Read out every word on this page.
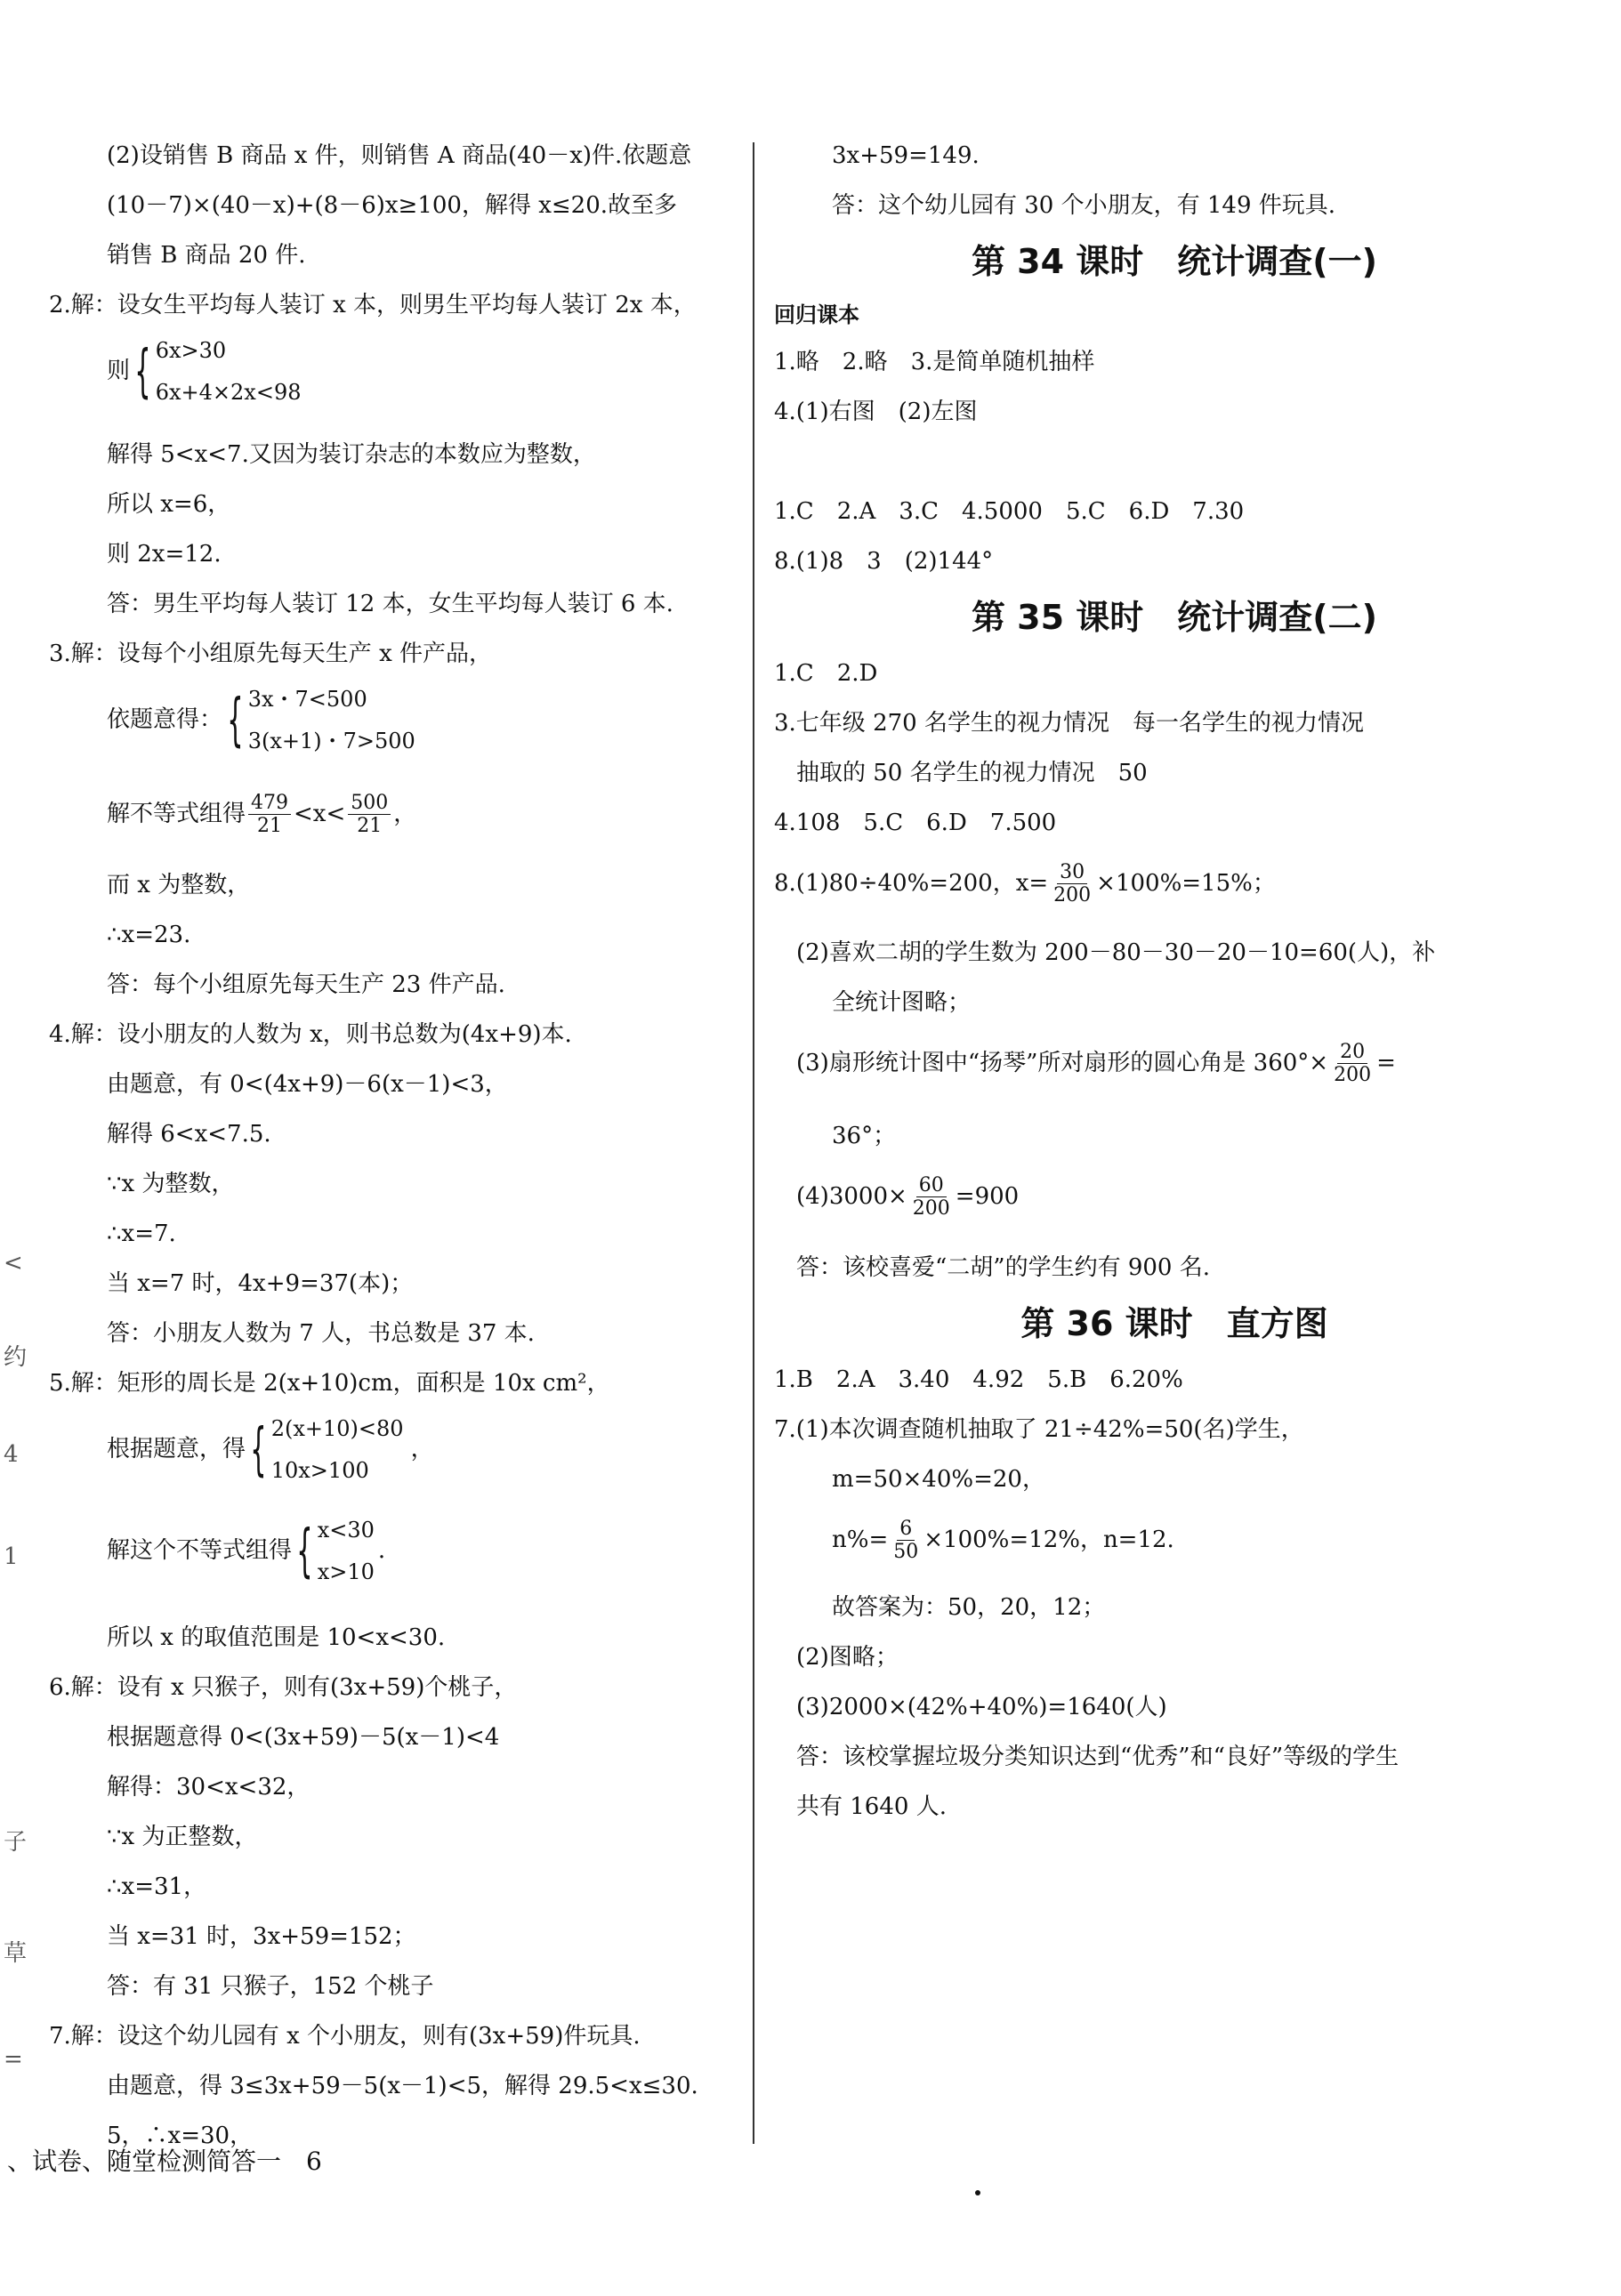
<
约
4
1
子
草
=
(2)设销售 B 商品 x 件，则销售 A 商品(40－x)件.依题意
(10－7)×(40－x)+(8－6)x≥100，解得 x≤20.故至多
销售 B 商品 20 件.
2.解：设女生平均每人装订 x 本，则男生平均每人装订 2x 本，
则 { 6x>30
6x+4×2x<98
解得 5<x<7.又因为装订杂志的本数应为整数，
所以 x=6，
则 2x=12.
答：男生平均每人装订 12 本，女生平均每人装订 6 本.
3.解：设每个小组原先每天生产 x 件产品，
依题意得： { 3x・7<500
3(x+1)・7>500
解不等式组得 $\frac{479}{21} <x< \frac{500}{21}$ ，
而 x 为整数，
∴x=23.
答：每个小组原先每天生产 23 件产品.
4.解：设小朋友的人数为 x，则书总数为(4x+9)本.
由题意，有 0<(4x+9)－6(x－1)<3，
解得 6<x<7.5.
∵x 为整数，
∴x=7.
当 x=7 时，4x+9=37(本)；
答：小朋友人数为 7 人，书总数是 37 本.
5.解：矩形的周长是 2(x+10)cm，面积是 10x cm²，
根据题意，得 { 2(x+10)<80
10x>100
，
解这个不等式组得 { x<30
x>10
.
所以 x 的取值范围是 10<x<30.
6.解：设有 x 只猴子，则有(3x+59)个桃子，
根据题意得 0<(3x+59)－5(x－1)<4
解得：30<x<32，
∵x 为正整数，
∴x=31，
当 x=31 时，3x+59=152；
答：有 31 只猴子，152 个桃子
7.解：设这个幼儿园有 x 个小朋友，则有(3x+59)件玩具.
由题意，得 3≤3x+59－5(x－1)<5，解得 29.5<x≤30.
5，∴x=30，
3x+59=149.
答：这个幼儿园有 30 个小朋友，有 149 件玩具.
第 34 课时　统计调查(一)
回归课本
1.略　2.略　3.是简单随机抽样
4.(1)右图　(2)左图
1.C　2.A　3.C　4.5000　5.C　6.D　7.30
8.(1)8　3　(2)144°
第 35 课时　统计调查(二)
1.C　2.D
3.七年级 270 名学生的视力情况　每一名学生的视力情况
抽取的 50 名学生的视力情况　50
4.108　5.C　6.D　7.500
8.(1)80÷40%=200，$x= \frac{30}{200} \times 100\%=15\%$；
(2)喜欢二胡的学生数为 200－80－30－20－10=60(人)，补
全统计图略；
(3)扇形统计图中“扬琴”所对扇形的圆心角是 $360^\circ\times \frac{20}{200}$ =
36°；
$(4)3000\times \frac{60}{200} =900$
答：该校喜爱“二胡”的学生约有 900 名.
第 36 课时　直方图
1.B　2.A　3.40　4.92　5.B　6.20%
7.(1)本次调查随机抽取了 21÷42%=50(名)学生，
m=50×40%=20，
$n\%= \frac{6}{50} \times 100\%=12\%$，n=12.
故答案为：50，20，12；
(2)图略；
(3)2000×(42%+40%)=1640(人)
答：该校掌握垃圾分类知识达到“优秀”和“良好”等级的学生
共有 1640 人.
、试卷、随堂检测简答一　6
